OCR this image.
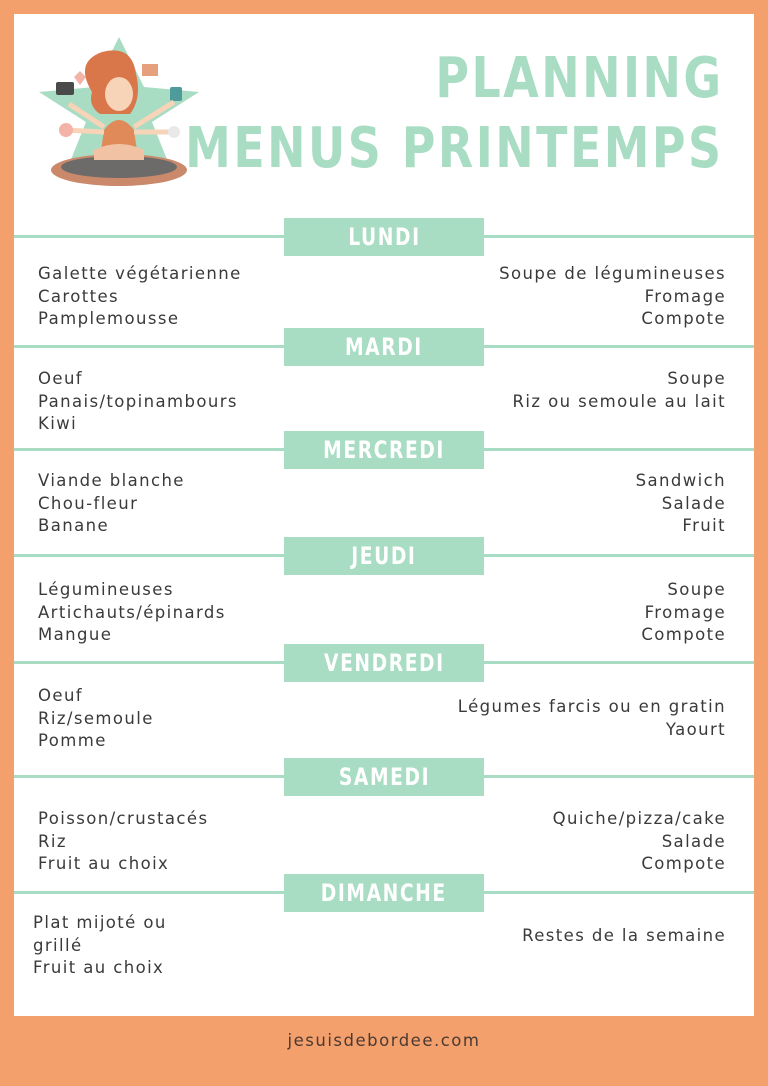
PLANNING
MENUS PRINTEMPS
LUNDI
Galette végétarienne
Carottes
Pamplemousse
Soupe de légumineuses
Fromage
Compote
MARDI
Oeuf
Panais/topinambours
Kiwi
Soupe
Riz ou semoule au lait
MERCREDI
Viande blanche
Chou-fleur
Banane
Sandwich
Salade
Fruit
JEUDI
Légumineuses
Artichauts/épinards
Mangue
Soupe
Fromage
Compote
VENDREDI
Oeuf
Riz/semoule
Pomme
Légumes farcis ou en gratin
Yaourt
SAMEDI
Poisson/crustacés
Riz
Fruit au choix
Quiche/pizza/cake
Salade
Compote
DIMANCHE
Plat mijoté ou
grillé
Fruit au choix
Restes de la semaine
jesuisdebordee.com
